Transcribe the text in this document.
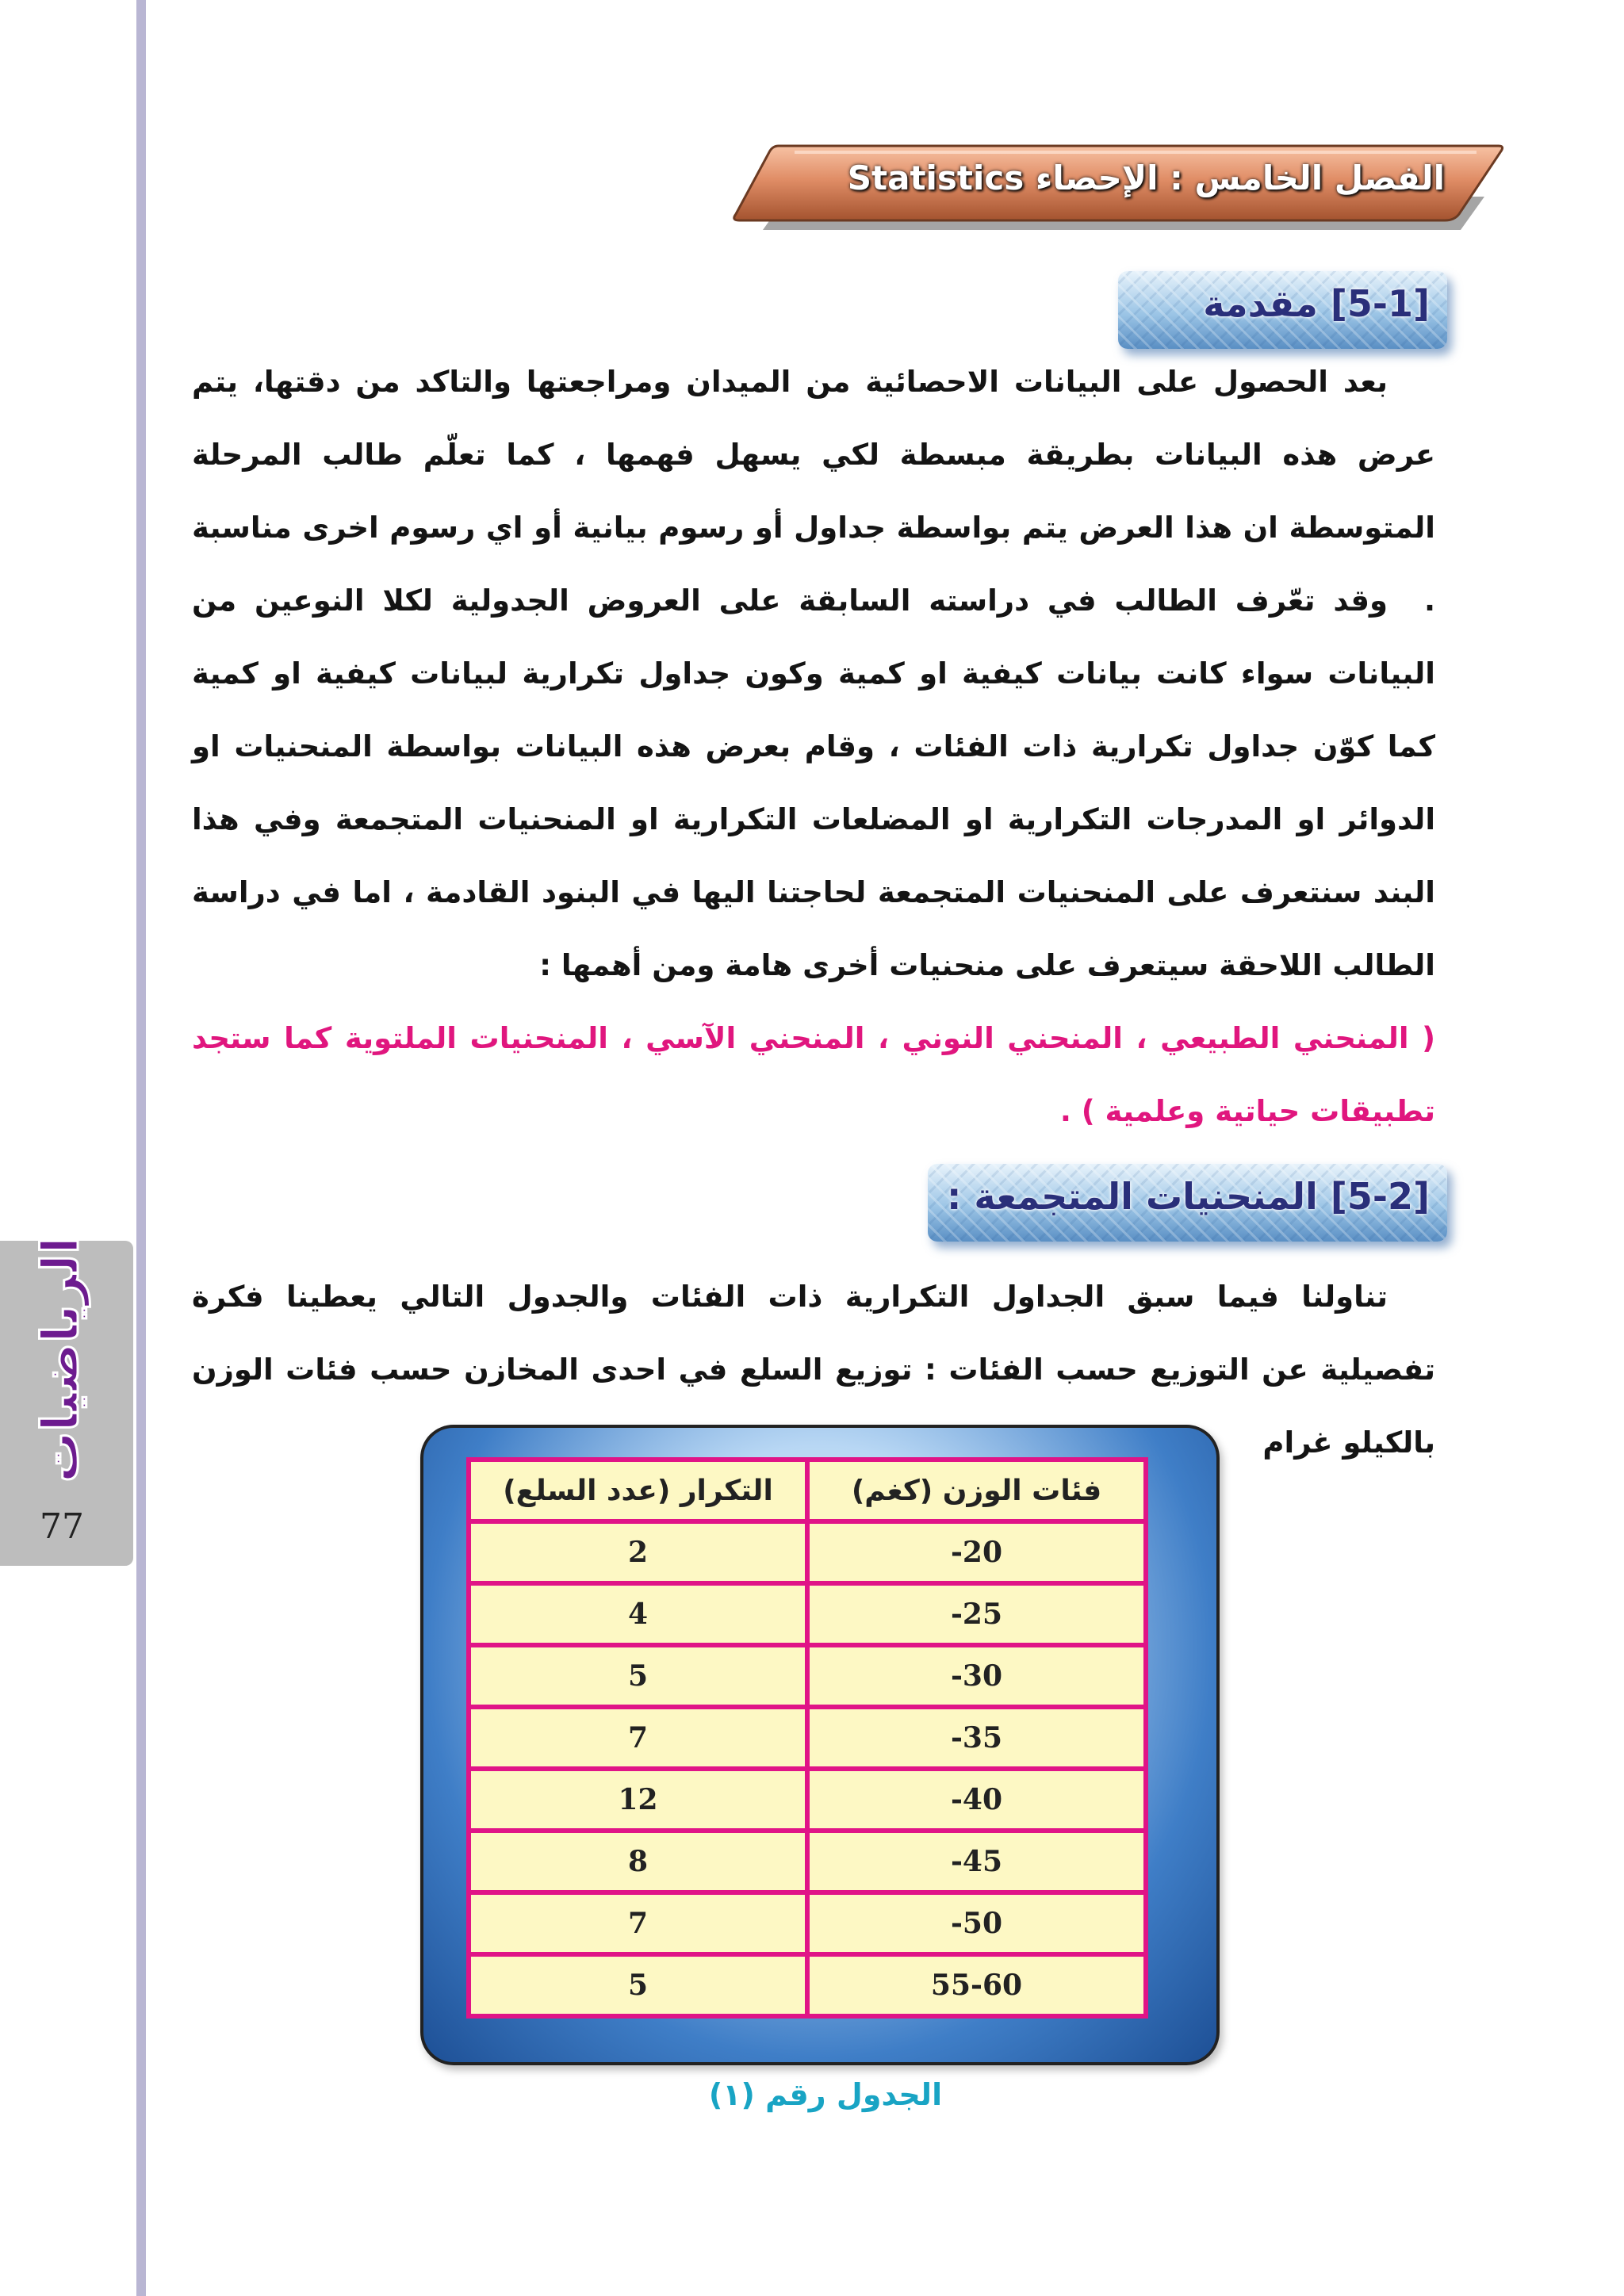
الرياضيات
77
الفصل الخامس : الإحصاء Statistics
[5-1] مقدمة

بعد الحصول على البيانات الاحصائية من الميدان ومراجعتها والتاكد من دقتها، يتم عرض هذه البيانات بطريقة مبسطة لكي يسهل فهمها ، كما تعلّم طالب المرحلة المتوسطة ان هذا العرض يتم بواسطة جداول أو رسوم بيانية أو اي رسوم اخرى مناسبة .

وقد تعّرف الطالب في دراسته السابقة على العروض الجدولية لكلا النوعين من البيانات سواء كانت بيانات كيفية او كمية وكون جداول تكرارية لبيانات كيفية او كمية كما كوّن جداول تكرارية ذات الفئات ، وقام بعرض هذه البيانات بواسطة المنحنيات او الدوائر او المدرجات التكرارية او المضلعات التكرارية او المنحنيات المتجمعة وفي هذا البند سنتعرف على المنحنيات المتجمعة لحاجتنا اليها في البنود القادمة ، اما في دراسة الطالب اللاحقة سيتعرف على منحنيات أخرى هامة ومن أهمها :

( المنحني الطبيعي ، المنحني النوني ، المنحني الآسي ، المنحنيات الملتوية كما ستجد تطبيقات حياتية وعلمية ) .

[5-2] المنحنيات المتجمعة :

تناولنا فيما سبق الجداول التكرارية ذات الفئات والجدول التالي يعطينا فكرة تفصيلية عن التوزيع حسب الفئات : توزيع السلع في احدى المخازن حسب فئات الوزن بالكيلو غرام

فئات الوزن (كغم)	التكرار (عدد السلع)
20-	2
25-	4
30-	5
35-	7
40-	12
45-	8
50-	7
55-60	5
الجدول رقم (١)
